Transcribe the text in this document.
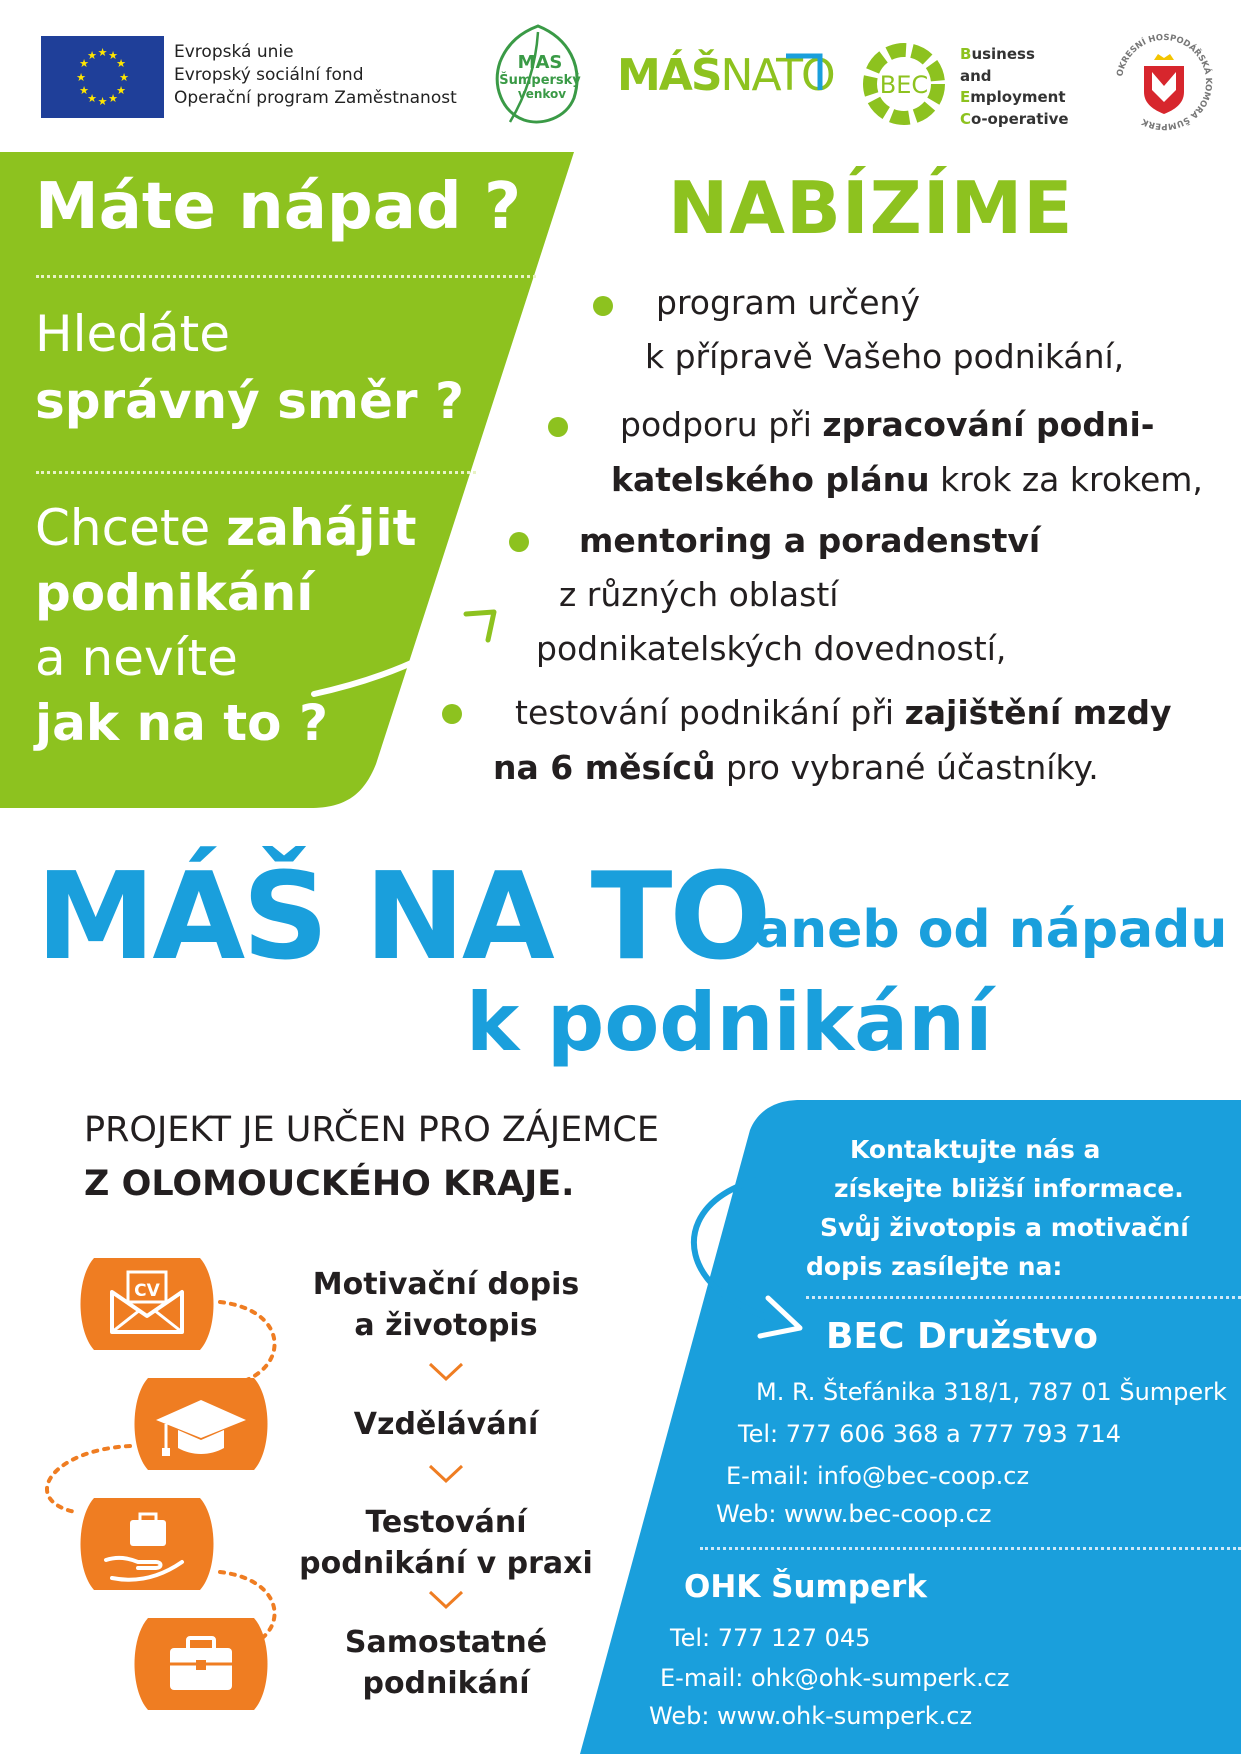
★ ★
★
★
★
★
★
★
★
★
★
★	Evropská unie
Evropský sociální fond
Operační program Zaměstnanost
MAS
Šumperský
venkov MÁŠNATO BEC
Business
and
Employment
Co-operative
OKRESNÍ HOSPODÁŘSKÁ KOMORA ŠUMPERK
Máte nápad ?
Hledáte
správný směr ?
Chcete zahájit
podnikání
a nevíte
jak na to ?
NABÍZÍME
program určený
k přípravě Vašeho podnikání,
podporu při zpracování podni-
katelského plánu krok za krokem,
mentoring a poradenství
z různých oblastí
podnikatelských dovedností,
testování podnikání při zajištění mzdy
na 6 měsíců pro vybrané účastníky.
MÁŠ NA TO
aneb od nápadu
k podnikání
PROJEKT JE URČEN PRO ZÁJEMCE
Z OLOMOUCKÉHO KRAJE.
CV	Motivační dopis
a životopis
Vzdělávání
Testování
podnikání v praxi
Samostatné
podnikání
Kontaktujte nás a
získejte bližší informace.
Svůj životopis a motivační
dopis zasílejte na:
BEC Družstvo
M. R. Štefánika 318/1, 787 01 Šumperk
Tel: 777 606 368 a 777 793 714
E-mail: info@bec-coop.cz
Web: www.bec-coop.cz
OHK Šumperk
Tel: 777 127 045
E-mail: ohk@ohk-sumperk.cz
Web: www.ohk-sumperk.cz
